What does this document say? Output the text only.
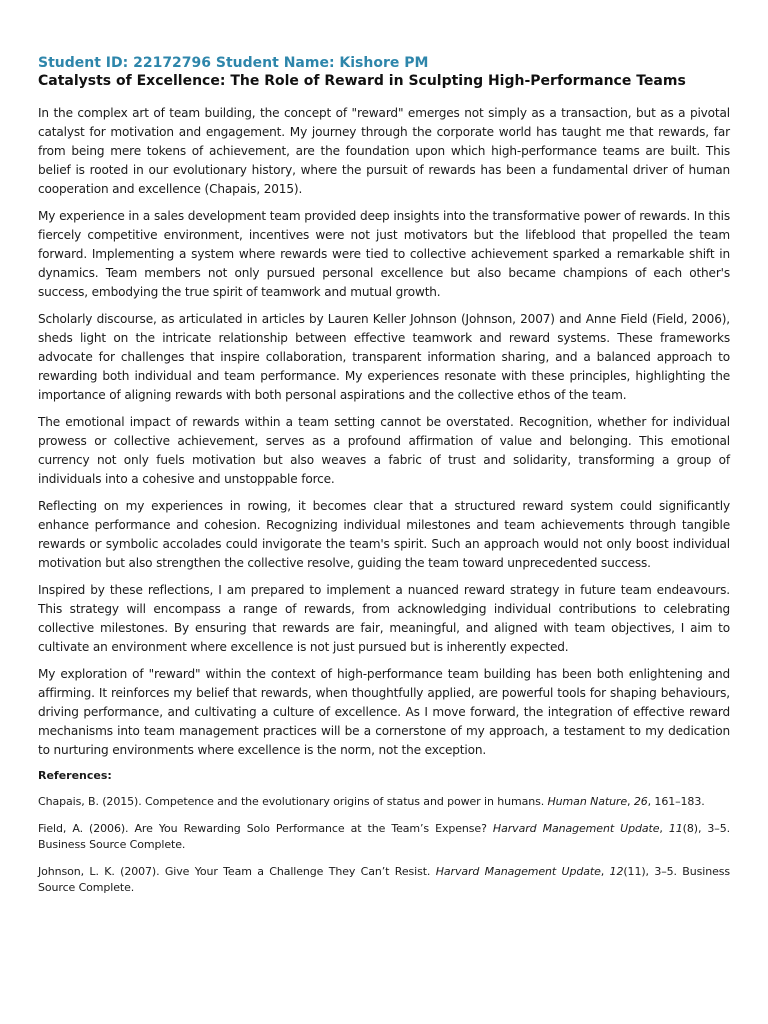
Student ID: 22172796 Student Name: Kishore PM

Catalysts of Excellence: The Role of Reward in Sculpting High-Performance Teams

In the complex art of team building, the concept of "reward" emerges not simply as a transaction, but as a pivotal catalyst for motivation and engagement. My journey through the corporate world has taught me that rewards, far from being mere tokens of achievement, are the foundation upon which high-performance teams are built. This belief is rooted in our evolutionary history, where the pursuit of rewards has been a fundamental driver of human cooperation and excellence (Chapais, 2015).

My experience in a sales development team provided deep insights into the transformative power of rewards. In this fiercely competitive environment, incentives were not just motivators but the lifeblood that propelled the team forward. Implementing a system where rewards were tied to collective achievement sparked a remarkable shift in dynamics. Team members not only pursued personal excellence but also became champions of each other's success, embodying the true spirit of teamwork and mutual growth.

Scholarly discourse, as articulated in articles by Lauren Keller Johnson (Johnson, 2007) and Anne Field (Field, 2006), sheds light on the intricate relationship between effective teamwork and reward systems. These frameworks advocate for challenges that inspire collaboration, transparent information sharing, and a balanced approach to rewarding both individual and team performance. My experiences resonate with these principles, highlighting the importance of aligning rewards with both personal aspirations and the collective ethos of the team.

The emotional impact of rewards within a team setting cannot be overstated. Recognition, whether for individual prowess or collective achievement, serves as a profound affirmation of value and belonging. This emotional currency not only fuels motivation but also weaves a fabric of trust and solidarity, transforming a group of individuals into a cohesive and unstoppable force.

Reflecting on my experiences in rowing, it becomes clear that a structured reward system could significantly enhance performance and cohesion. Recognizing individual milestones and team achievements through tangible rewards or symbolic accolades could invigorate the team's spirit. Such an approach would not only boost individual motivation but also strengthen the collective resolve, guiding the team toward unprecedented success.

Inspired by these reflections, I am prepared to implement a nuanced reward strategy in future team endeavours. This strategy will encompass a range of rewards, from acknowledging individual contributions to celebrating collective milestones. By ensuring that rewards are fair, meaningful, and aligned with team objectives, I aim to cultivate an environment where excellence is not just pursued but is inherently expected.

My exploration of "reward" within the context of high-performance team building has been both enlightening and affirming. It reinforces my belief that rewards, when thoughtfully applied, are powerful tools for shaping behaviours, driving performance, and cultivating a culture of excellence. As I move forward, the integration of effective reward mechanisms into team management practices will be a cornerstone of my approach, a testament to my dedication to nurturing environments where excellence is the norm, not the exception.

References:

Chapais, B. (2015). Competence and the evolutionary origins of status and power in humans. Human Nature, 26, 161–183.

Field, A. (2006). Are You Rewarding Solo Performance at the Team’s Expense? Harvard Management Update, 11(8), 3–5. Business Source Complete.

Johnson, L. K. (2007). Give Your Team a Challenge They Can’t Resist. Harvard Management Update, 12(11), 3–5. Business Source Complete.
